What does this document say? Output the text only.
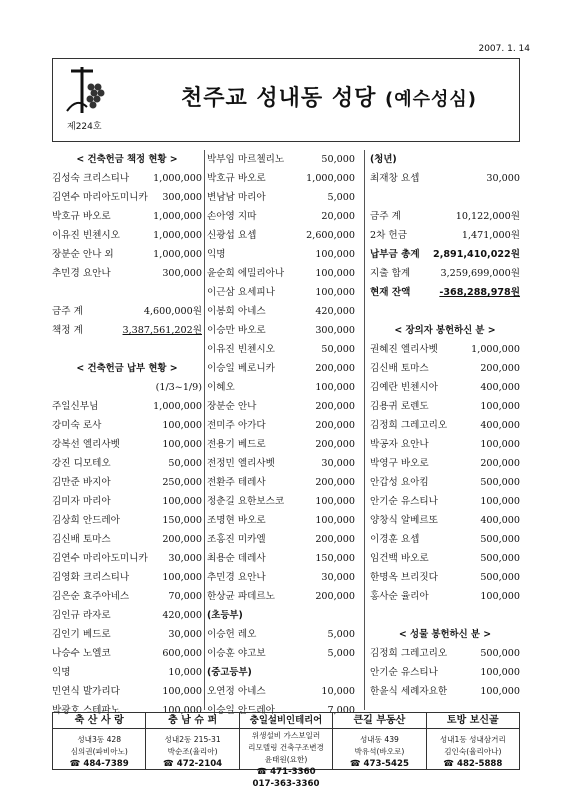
2007. 1. 14
제224호
천주교 성내동 성당 (예수성심)
< 건축헌금 책정 현황 >
김성숙 크리스티나	1,000,000
김연수 마리아도미니카	300,000
박호규 바오로	1,000,000
이유진 빈첸시오	1,000,000
장분순 안나 외	1,000,000
추민경 요안나	300,000
금주 계	4,600,000원
책정 계	3,387,561,202원
< 건축헌금 납부 현황 >
(1/3~1/9)
주일신부님	1,000,000
강미숙 로사	100,000
강복선 엘리사벳	100,000
강진 디모테오	50,000
김만준 바지아	250,000
김미자 마리아	100,000
김상희 안드레아	150,000
김신배 토마스	200,000
김연수 마리아도미니카	30,000
김영화 크리스티나	100,000
김은순 효주아네스	70,000
김인규 라자로	420,000
김인기 베드로	30,000
나승수 노엘코	600,000
익명	10,000
민연식 발가리다	100,000
박광호 스테파노	100,000
박부임 마르첼리노	50,000
박호규 바오로	1,000,000
변남남 마리아	5,000
손아영 지따	20,000
신광섭 요셉	2,600,000
익명	100,000
윤순희 에밀리아나	100,000
이근삼 요세피나	100,000
이봉희 아네스	420,000
이승만 바오로	300,000
이유진 빈첸시오	50,000
이승일 베로니카	200,000
이혜오	100,000
장분순 안나	200,000
전미주 아가다	200,000
전용기 베드로	200,000
전정민 엘리사벳	30,000
전환주 테레사	200,000
정춘길 요한보스코	100,000
조명현 바오로	100,000
조홍진 미카엘	200,000
최용순 데레사	150,000
추민경 요안나	30,000
한상균 파데르노	200,000
(초등부)
이승헌 레오	5,000
이승훈 야고보	5,000
(중고등부)
오연정 아네스	10,000
이승일 안드레아	7,000
(청년)
최재창 요셉	30,000
금주 계	10,122,000원
2차 헌금	1,471,000원
납부금 총계	2,891,410,022원
지출 합계	3,259,699,000원
현재 잔액	-368,288,978원
< 장의자 봉헌하신 분 >
권혜진 엘리사벳	1,000,000
김신배 토마스	200,000
김예란 빈첸시아	400,000
김용귀 로렌도	100,000
김정희 그레고리오	400,000
박공자 요안나	100,000
박영구 바오로	200,000
안갑성 요아킴	500,000
안기순 유스티나	100,000
양창식 알베르또	400,000
이경훈 요셉	500,000
임건백 바오로	500,000
한명옥 브리짓다	500,000
홍사순 율리아	100,000
< 성물 봉헌하신 분 >
김정희 그레고리오	500,000
안기순 유스티나	100,000
한윤식 세례자요한	100,000
축 산 사 랑
성내3동 428
심의권(파비아노)
☎ 484-7389
충 남 슈 퍼
성내2동 215-31
박순조(율리아)
☎ 472-2104
충일설비인테리어
위생설비 가스보일러
리모델링 건축구조변경
윤태원(요한)
☎ 471-3360
017-363-3360
큰길 부동산
성내동 439
박유석(바오로)
☎ 473-5425
토방 보신골
성내1동 성내삼거리
김인숙(율리아나)
☎ 482-5888
